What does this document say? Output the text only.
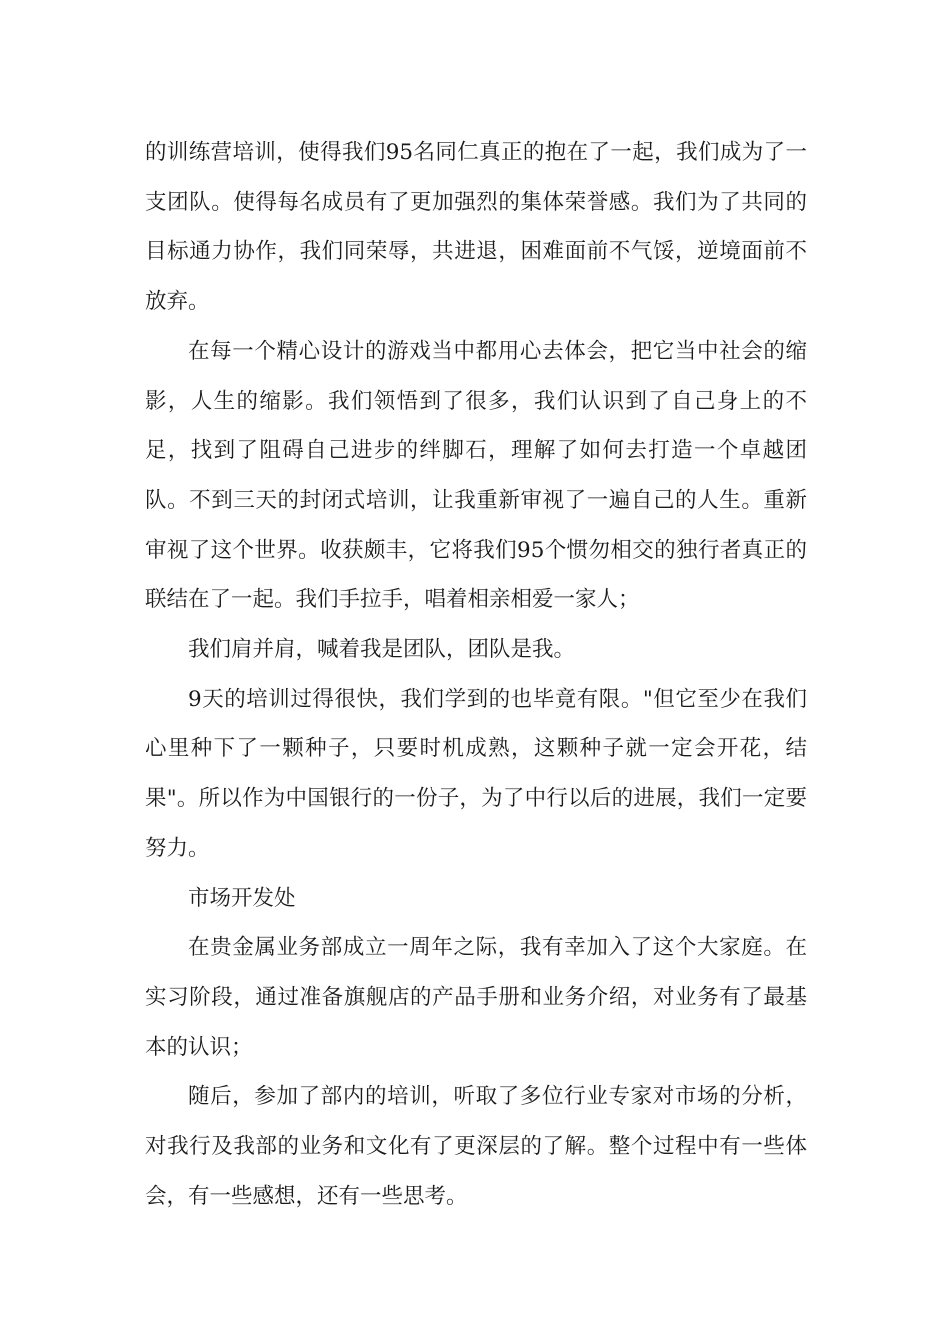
的训练营培训，使得我们95名同仁真正的抱在了一起，我们成为了一支团队。使得每名成员有了更加强烈的集体荣誉感。我们为了共同的目标通力协作，我们同荣辱，共进退，困难面前不气馁，逆境面前不放弃。

在每一个精心设计的游戏当中都用心去体会，把它当中社会的缩影，人生的缩影。我们领悟到了很多，我们认识到了自己身上的不足，找到了阻碍自己进步的绊脚石，理解了如何去打造一个卓越团队。不到三天的封闭式培训，让我重新审视了一遍自己的人生。重新审视了这个世界。收获颇丰，它将我们95个惯勿相交的独行者真正的联结在了一起。我们手拉手，唱着相亲相爱一家人；

我们肩并肩，喊着我是团队，团队是我。

9天的培训过得很快，我们学到的也毕竟有限。"但它至少在我们心里种下了一颗种子，只要时机成熟，这颗种子就一定会开花，结果"。所以作为中国银行的一份子，为了中行以后的进展，我们一定要努力。

市场开发处

在贵金属业务部成立一周年之际，我有幸加入了这个大家庭。在实习阶段，通过准备旗舰店的产品手册和业务介绍，对业务有了最基本的认识；

随后，参加了部内的培训，听取了多位行业专家对市场的分析，对我行及我部的业务和文化有了更深层的了解。整个过程中有一些体会，有一些感想，还有一些思考。
